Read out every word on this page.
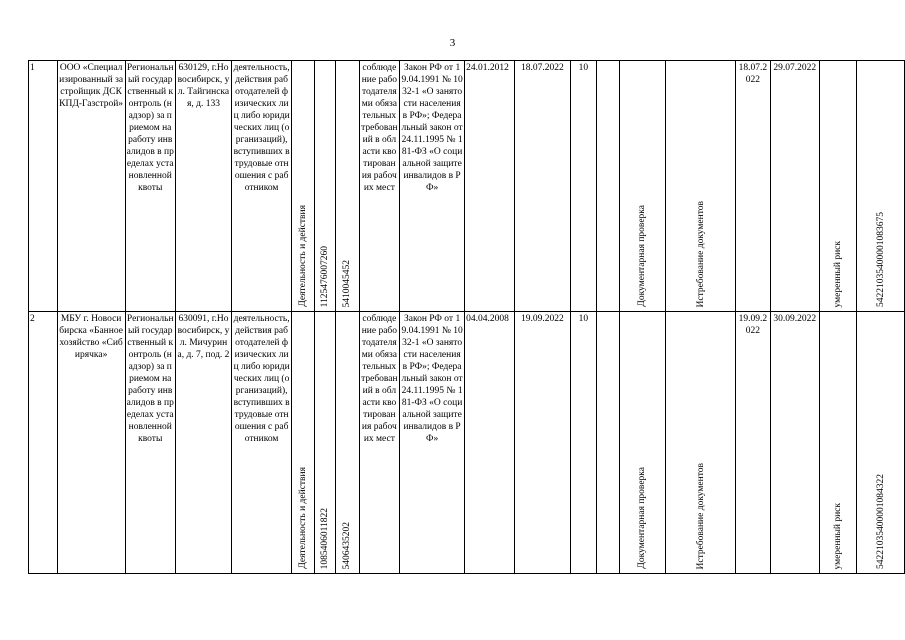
3
1	ООО «Специализированный застройщик ДСК КПД-Газстрой»	Региональный государственный контроль (надзор) за приемом на работу инвалидов в пределах установленной квоты	630129, г.Новосибирск, ул. Тайгинская, д. 133	деятельность, действия работодателей физических лиц либо юридических лиц (организаций), вступивших в трудовые отношения с работником	Деятельность и действия	1125476007260	5410045452	соблюдение работодателями обязательных требований в области квотирования рабочих мест	Закон РФ от 19.04.1991 № 1032-1 «О занятости населения в РФ»; Федеральный закон от 24.11.1995 № 181-ФЗ «О социальной защите инвалидов в РФ»	24.01.2012	18.07.2022	10		Документарная проверка	Истребование документов	18.07.2022	29.07.2022	умеренный риск	54221035400001083675
2	МБУ г. Новосибирска «Банное хозяйство «Сибирячка»	Региональный государственный контроль (надзор) за приемом на работу инвалидов в пределах установленной квоты	630091, г.Новосибирск, ул. Мичурина, д. 7, под. 2	деятельность, действия работодателей физических лиц либо юридических лиц (организаций), вступивших в трудовые отношения с работником	Деятельность и действия	1085406011822	5406435202	соблюдение работодателями обязательных требований в области квотирования рабочих мест	Закон РФ от 19.04.1991 № 1032-1 «О занятости населения в РФ»; Федеральный закон от 24.11.1995 № 181-ФЗ «О социальной защите инвалидов в РФ»	04.04.2008	19.09.2022	10		Документарная проверка	Истребование документов	19.09.2022	30.09.2022	умеренный риск	54221035400001084322
